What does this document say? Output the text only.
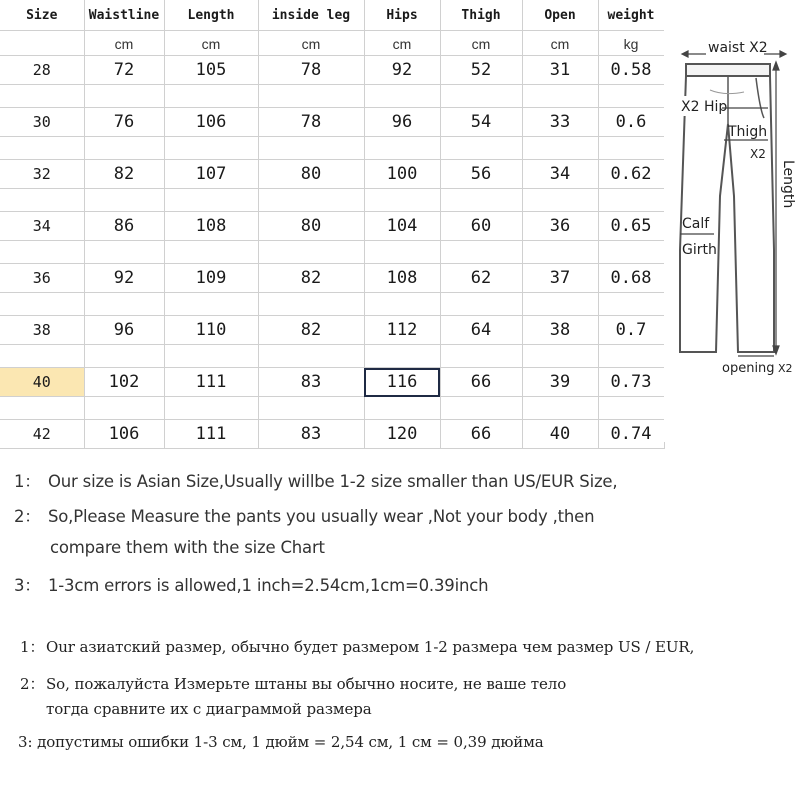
Size	Waistline	Length	inside leg	Hips	Thigh	Open	weight
	cm	cm	cm	cm	cm	cm	kg
28	72	105	78	92	52	31	0.58

30	76	106	78	96	54	33	0.6

32	82	107	80	100	56	34	0.62

34	86	108	80	104	60	36	0.65

36	92	109	82	108	62	37	0.68

38	96	110	82	112	64	38	0.7

40	102	111	83	116	66	39	0.73

42	106	111	83	120	66	40	0.74
waist X2
X2 Hip
Thigh
X2
Calf
Girth
Length
opening X2
1： Our size is Asian Size,Usually willbe 1-2 size smaller than US/EUR Size,
2： So,Please Measure the pants you usually wear ,Not your body ,then
compare them with the size Chart
3： 1-3cm errors is allowed,1 inch=2.54cm,1cm=0.39inch
1： Our азиатский размер, обычно будет размером 1-2 размера чем размер US / EUR,
2： So, пожалуйста Измерьте штаны вы обычно носите, не ваше тело
тогда сравните их с диаграммой размера
3: допустимы ошибки 1-3 см, 1 дюйм = 2,54 см, 1 см = 0,39 дюйма
